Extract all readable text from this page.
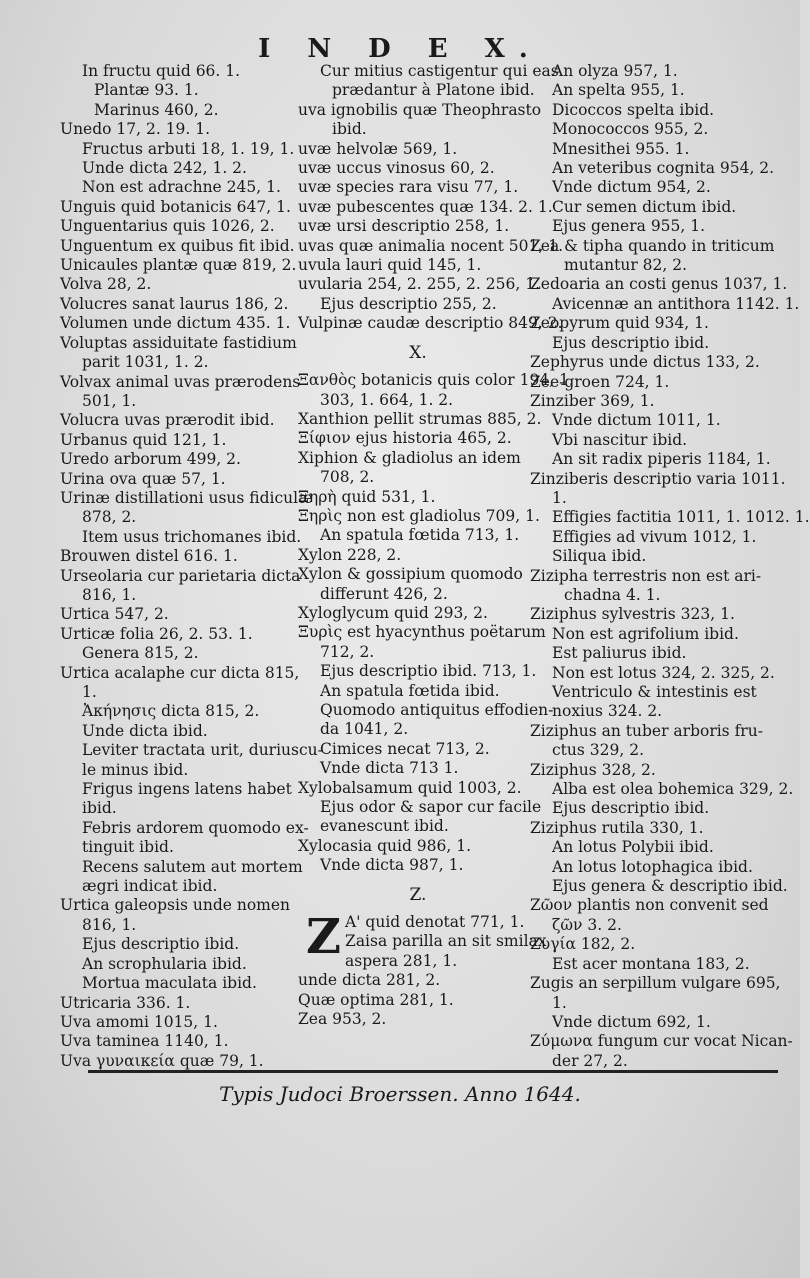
I N D E X.
In fructu quid 66. 1.
Plantæ 93. 1.
Marinus 460, 2.
Unedo 17, 2. 19. 1.
Fructus arbuti 18, 1. 19, 1.
Unde dicta 242, 1. 2.
Non est adrachne 245, 1.
Unguis quid botanicis 647, 1.
Unguentarius quis 1026, 2.
Unguentum ex quibus fit ibid.
Unicaules plantæ quæ 819, 2.
Volva 28, 2.
Volucres sanat laurus 186, 2.
Volumen unde dictum 435. 1.
Voluptas assiduitate fastidium
parit 1031, 1. 2.
Volvax animal uvas prærodens
501, 1.
Volucra uvas prærodit ibid.
Urbanus quid 121, 1.
Uredo arborum 499, 2.
Urina ova quæ 57, 1.
Urinæ distillationi usus fidiculæ
878, 2.
Item usus trichomanes ibid.
Brouwen distel 616. 1.
Urseolaria cur parietaria dicta
816, 1.
Urtica 547, 2.
Urticæ folia 26, 2. 53. 1.
Genera 815, 2.
Urtica acalaphe cur dicta 815,
1.
Ἀκήνησις dicta 815, 2.
Unde dicta ibid.
Leviter tractata urit, duriuscu-
le minus ibid.
Frigus ingens latens habet
ibid.
Febris ardorem quomodo ex-
tinguit ibid.
Recens salutem aut mortem
ægri indicat ibid.
Urtica galeopsis unde nomen
816, 1.
Ejus descriptio ibid.
An scrophularia ibid.
Mortua maculata ibid.
Utricaria 336. 1.
Uva amomi 1015, 1.
Uva taminea 1140, 1.
Uva γυναικεία quæ 79, 1.
Cur mitius castigentur qui eas
prædantur à Platone ibid.
uva ignobilis quæ Theophrasto
ibid.
uvæ helvolæ 569, 1.
uvæ uccus vinosus 60, 2.
uvæ species rara visu 77, 1.
uvæ pubescentes quæ 134. 2. 1.
uvæ ursi descriptio 258, 1.
uvas quæ animalia nocent 501, 1.
uvula lauri quid 145, 1.
uvularia 254, 2. 255, 2. 256, 1.
Ejus descriptio 255, 2.
Vulpinæ caudæ descriptio 849, 2.
X.
Ξανθὸς botanicis quis color 194, 1.
303, 1. 664, 1. 2.
Xanthion pellit strumas 885, 2.
Ξίφιον ejus historia 465, 2.
Xiphion & gladiolus an idem
708, 2.
Ξηρὴ quid 531, 1.
Ξηρὶς non est gladiolus 709, 1.
An spatula fœtida 713, 1.
Xylon 228, 2.
Xylon & gossipium quomodo
differunt 426, 2.
Xyloglycum quid 293, 2.
Ξυρὶς est hyacynthus poëtarum
712, 2.
Ejus descriptio ibid. 713, 1.
An spatula fœtida ibid.
Quomodo antiquitus effodien-
da 1041, 2.
Cimices necat 713, 2.
Vnde dicta 713 1.
Xylobalsamum quid 1003, 2.
Ejus odor & sapor cur facile
evanescunt ibid.
Xylocasia quid 986, 1.
Vnde dicta 987, 1.
Z.
Z A' quid denotat 771, 1.
Zaisa parilla an sit smilax
aspera 281, 1.
unde dicta 281, 2.
Quæ optima 281, 1.
Zea 953, 2.
An olyza 957, 1.
An spelta 955, 1.
Dicoccos spelta ibid.
Monococcos 955, 2.
Mnesithei 955. 1.
An veteribus cognita 954, 2.
Vnde dictum 954, 2.
Cur semen dictum ibid.
Ejus genera 955, 1.
Zea & tipha quando in triticum
mutantur 82, 2.
Zedoaria an costi genus 1037, 1.
Avicennæ an antithora 1142. 1.
Zeopyrum quid 934, 1.
Ejus descriptio ibid.
Zephyrus unde dictus 133, 2.
Zee-groen 724, 1.
Zinziber 369, 1.
Vnde dictum 1011, 1.
Vbi nascitur ibid.
An sit radix piperis 1184, 1.
Zinziberis descriptio varia 1011.
1.
Effigies factitia 1011, 1. 1012. 1.
Effigies ad vivum 1012, 1.
Siliqua ibid.
Zizipha terrestris non est ari-
chadna 4. 1.
Ziziphus sylvestris 323, 1.
Non est agrifolium ibid.
Est paliurus ibid.
Non est lotus 324, 2. 325, 2.
Ventriculo & intestinis est
noxius 324. 2.
Ziziphus an tuber arboris fru-
ctus 329, 2.
Ziziphus 328, 2.
Alba est olea bohemica 329, 2.
Ejus descriptio ibid.
Ziziphus rutila 330, 1.
An lotus Polybii ibid.
An lotus lotophagica ibid.
Ejus genera & descriptio ibid.
Ζῶον plantis non convenit sed
ζῶν 3. 2.
Ζυγία 182, 2.
Est acer montana 183, 2.
Zugis an serpillum vulgare 695,
1.
Vnde dictum 692, 1.
Ζύμωνα fungum cur vocat Nican-
der 27, 2.
Typis Judoci Broerssen. Anno 1644.
